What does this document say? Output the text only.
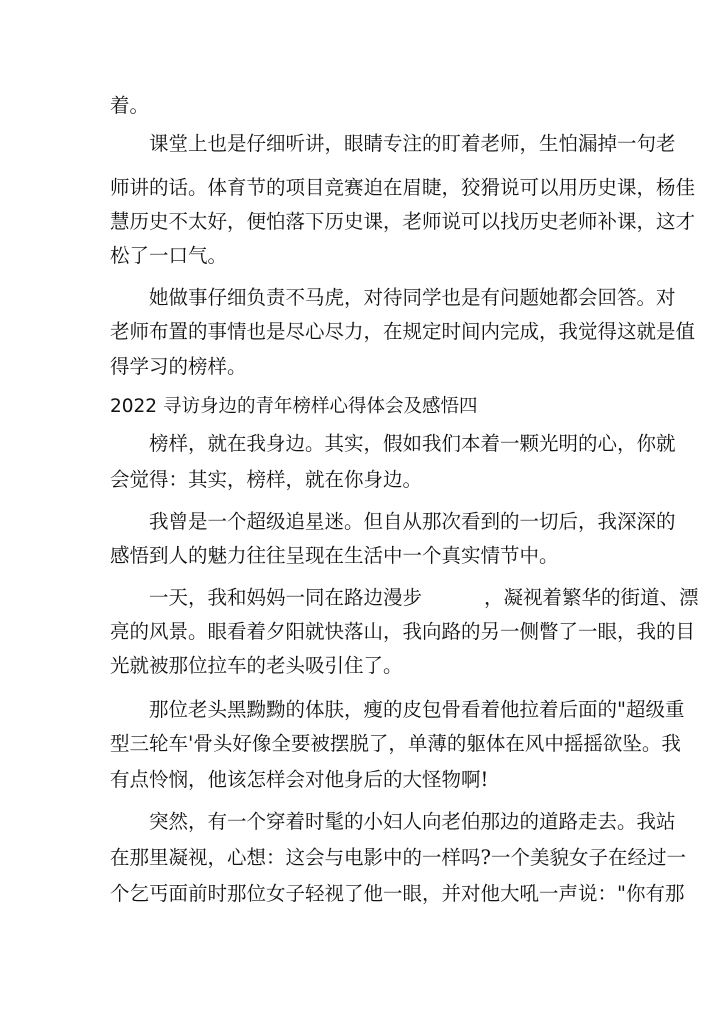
着。
课堂上也是仔细听讲，眼睛专注的盯着老师，生怕漏掉一句老
师讲的话。体育节的项目竞赛迫在眉睫，狡猾说可以用历史课，杨佳
慧历史不太好，便怕落下历史课，老师说可以找历史老师补课，这才
松了一口气。
她做事仔细负责不马虎，对待同学也是有问题她都会回答。对
老师布置的事情也是尽心尽力，在规定时间内完成，我觉得这就是值
得学习的榜样。
2022 寻访身边的青年榜样心得体会及感悟四
榜样，就在我身边。其实，假如我们本着一颗光明的心，你就
会觉得：其实，榜样，就在你身边。
我曾是一个超级追星迷。但自从那次看到的一切后，我深深的
感悟到人的魅力往往呈现在生活中一个真实情节中。
一天，我和妈妈一同在路边漫步          ，凝视着繁华的街道、漂
亮的风景。眼看着夕阳就快落山，我向路的另一侧瞥了一眼，我的目
光就被那位拉车的老头吸引住了。
那位老头黑黝黝的体肤，瘦的皮包骨看着他拉着后面的"超级重
型三轮车'骨头好像全要被摆脱了，单薄的躯体在风中摇摇欲坠。我
有点怜悯，他该怎样会对他身后的大怪物啊!
突然，有一个穿着时髦的小妇人向老伯那边的道路走去。我站
在那里凝视，心想：这会与电影中的一样吗?一个美貌女子在经过一
个乞丐面前时那位女子轻视了他一眼，并对他大吼一声说："你有那
